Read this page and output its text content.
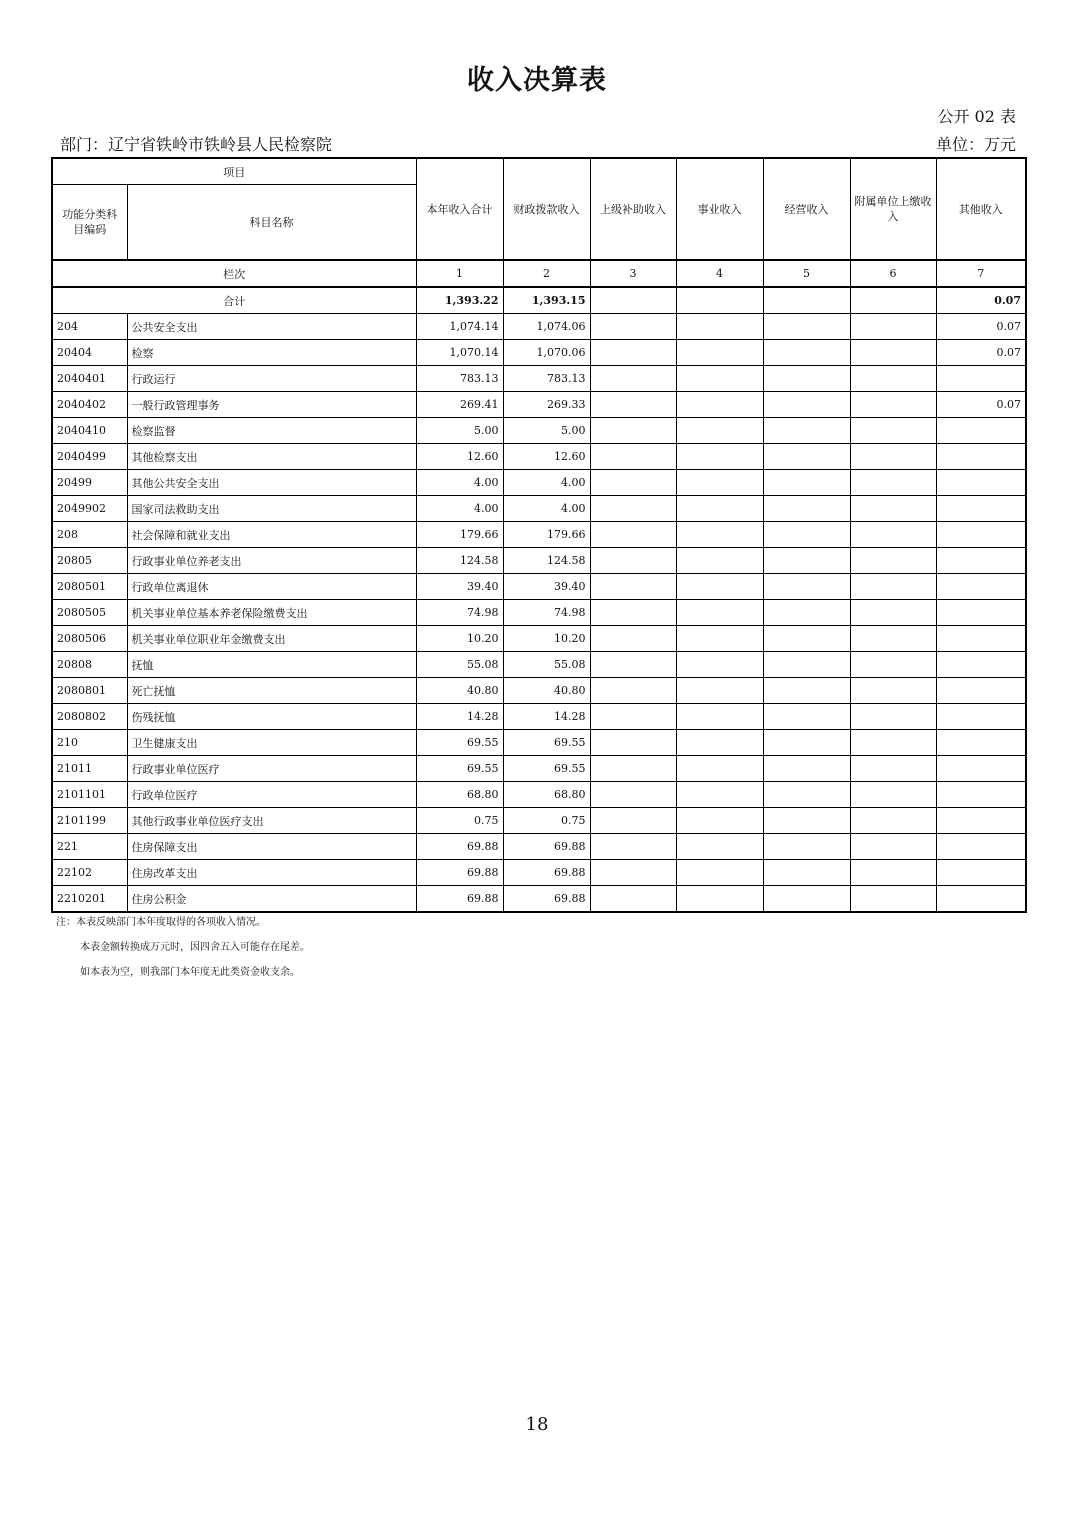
收入决算表
公开 02 表
部门：辽宁省铁岭市铁岭县人民检察院	单位：万元
项目		本年收入合计	财政拨款收入	上级补助收入	事业收入	经营收入	附属单位上缴收入	其他收入
功能分类科目编码	科目名称							
栏次		1	2	3	4	5	6	7
合计		1,393.22	1,393.15					0.07
204	公共安全支出	1,074.14	1,074.06					0.07
20404	检察	1,070.14	1,070.06					0.07
2040401	行政运行	783.13	783.13					
2040402	一般行政管理事务	269.41	269.33					0.07
2040410	检察监督	5.00	5.00					
2040499	其他检察支出	12.60	12.60					
20499	其他公共安全支出	4.00	4.00					
2049902	国家司法救助支出	4.00	4.00					
208	社会保障和就业支出	179.66	179.66					
20805	行政事业单位养老支出	124.58	124.58					
2080501	行政单位离退休	39.40	39.40					
2080505	机关事业单位基本养老保险缴费支出	74.98	74.98					
2080506	机关事业单位职业年金缴费支出	10.20	10.20					
20808	抚恤	55.08	55.08					
2080801	死亡抚恤	40.80	40.80					
2080802	伤残抚恤	14.28	14.28					
210	卫生健康支出	69.55	69.55					
21011	行政事业单位医疗	69.55	69.55					
2101101	行政单位医疗	68.80	68.80					
2101199	其他行政事业单位医疗支出	0.75	0.75					
221	住房保障支出	69.88	69.88					
22102	住房改革支出	69.88	69.88					
2210201	住房公积金	69.88	69.88					
注：本表反映部门本年度取得的各项收入情况。
本表金额转换成万元时，因四舍五入可能存在尾差。
如本表为空，则我部门本年度无此类资金收支余。
18
